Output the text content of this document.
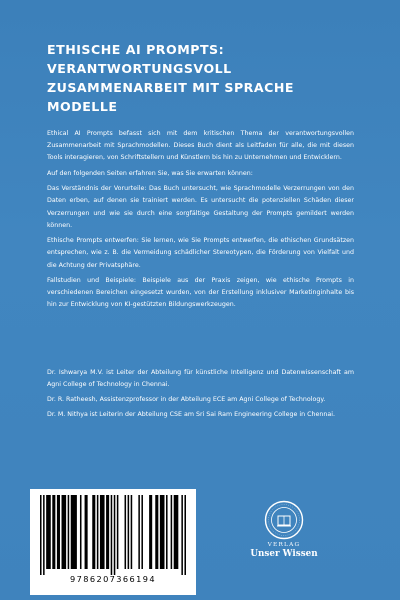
ETHISCHE AI PROMPTS:
VERANTWORTUNGSVOLL
ZUSAMMENARBEIT MIT SPRACHE
MODELLE

Ethical AI Prompts befasst sich mit dem kritischen Thema der verantwortungsvollen Zusammenarbeit mit Sprachmodellen. Dieses Buch dient als Leitfaden für alle, die mit diesen Tools interagieren, von Schriftstellern und Künstlern bis hin zu Unternehmen und Entwicklern.

Auf den folgenden Seiten erfahren Sie, was Sie erwarten können:

Das Verständnis der Vorurteile: Das Buch untersucht, wie Sprachmodelle Verzerrungen von den Daten erben, auf denen sie trainiert werden. Es untersucht die potenziellen Schäden dieser Verzerrungen und wie sie durch eine sorgfältige Gestaltung der Prompts gemildert werden können.

Ethische Prompts entwerfen: Sie lernen, wie Sie Prompts entwerfen, die ethischen Grundsätzen entsprechen, wie z. B. die Vermeidung schädlicher Stereotypen, die Förderung von Vielfalt und die Achtung der Privatsphäre.

Fallstudien und Beispiele: Beispiele aus der Praxis zeigen, wie ethische Prompts in verschiedenen Bereichen eingesetzt wurden, von der Erstellung inklusiver Marketinginhalte bis hin zur Entwicklung von KI-gestützten Bildungswerkzeugen.

Dr. Ishwarya M.V. ist Leiter der Abteilung für künstliche Intelligenz und Datenwissenschaft am Agni College of Technology in Chennai.

Dr. R. Ratheesh, Assistenzprofessor in der Abteilung ECE am Agni College of Technology.

Dr. M. Nithya ist Leiterin der Abteilung CSE am Sri Sai Ram Engineering College in Chennai.

9786207366194
VERLAG
Unser Wissen
